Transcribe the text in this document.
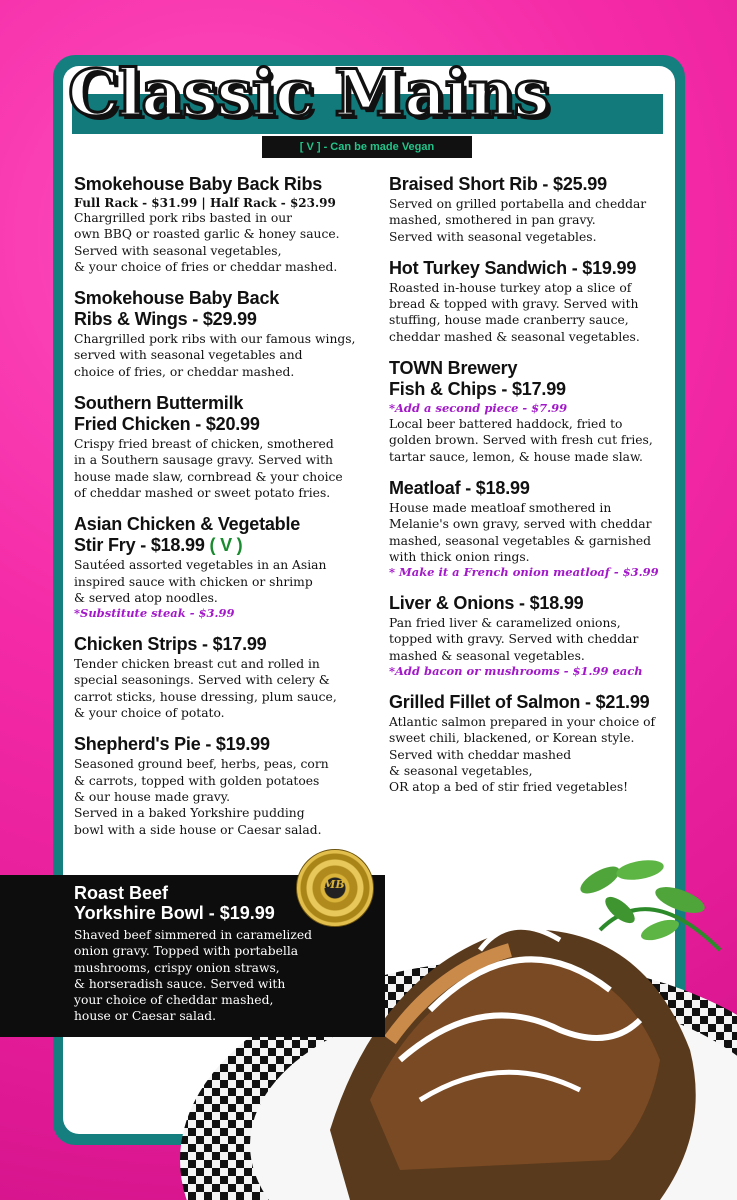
Classic Mains
[ V ] - Can be made Vegan

Smokehouse Baby Back Ribs

Full Rack - $31.99 | Half Rack - $23.99

Chargrilled pork ribs basted in our
own BBQ or roasted garlic & honey sauce.
Served with seasonal vegetables,
& your choice of fries or cheddar mashed.

Smokehouse Baby Back
Ribs & Wings - $29.99

Chargrilled pork ribs with our famous wings,
served with seasonal vegetables and
choice of fries, or cheddar mashed.

Southern Buttermilk
Fried Chicken - $20.99

Crispy fried breast of chicken, smothered
in a Southern sausage gravy. Served with
house made slaw, cornbread & your choice
of cheddar mashed or sweet potato fries.

Asian Chicken & Vegetable
Stir Fry - $18.99 ( V )

Sautéed assorted vegetables in an Asian
inspired sauce with chicken or shrimp
& served atop noodles.

*Substitute steak - $3.99

Chicken Strips - $17.99

Tender chicken breast cut and rolled in
special seasonings. Served with celery &
carrot sticks, house dressing, plum sauce,
& your choice of potato.

Shepherd's Pie - $19.99

Seasoned ground beef, herbs, peas, corn
& carrots, topped with golden potatoes
& our house made gravy.
Served in a baked Yorkshire pudding
bowl with a side house or Caesar salad.

Braised Short Rib - $25.99

Served on grilled portabella and cheddar
mashed, smothered in pan gravy.
Served with seasonal vegetables.

Hot Turkey Sandwich - $19.99

Roasted in-house turkey atop a slice of
bread & topped with gravy. Served with
stuffing, house made cranberry sauce,
cheddar mashed & seasonal vegetables.

TOWN Brewery
Fish & Chips - $17.99

*Add a second piece - $7.99

Local beer battered haddock, fried to
golden brown. Served with fresh cut fries,
tartar sauce, lemon, & house made slaw.

Meatloaf - $18.99

House made meatloaf smothered in
Melanie's own gravy, served with cheddar
mashed, seasonal vegetables & garnished
with thick onion rings.

* Make it a French onion meatloaf - $3.99

Liver & Onions - $18.99

Pan fried liver & caramelized onions,
topped with gravy. Served with cheddar
mashed & seasonal vegetables.

*Add bacon or mushrooms - $1.99 each

Grilled Fillet of Salmon - $21.99

Atlantic salmon prepared in your choice of
sweet chili, blackened, or Korean style.
Served with cheddar mashed
& seasonal vegetables,
OR atop a bed of stir fried vegetables!

Roast Beef
Yorkshire Bowl - $19.99

Shaved beef simmered in caramelized
onion gravy. Topped with portabella
mushrooms, crispy onion straws,
& horseradish sauce. Served with
your choice of cheddar mashed,
house or Caesar salad.

MB
